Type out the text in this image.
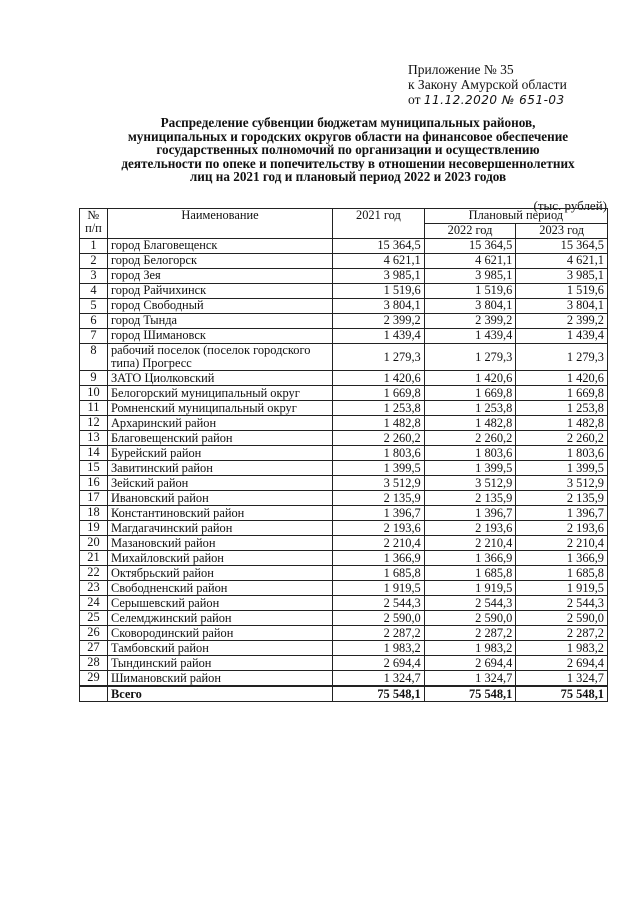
Приложение № 35
к Закону Амурской области
от 11.12.2020 № 651-03
Распределение субвенции бюджетам муниципальных районов,
муниципальных и городских округов области на финансовое обеспечение
государственных полномочий по организации и осуществлению
деятельности по опеке и попечительству в отношении несовершеннолетних
лиц на 2021 год и плановый период 2022 и 2023 годов
(тыс. рублей)
№
п/п	Наименование	2021 год	Плановый период	
			2022 год	2023 год
1	город Благовещенск	15 364,5	15 364,5	15 364,5
2	город Белогорск	4 621,1	4 621,1	4 621,1
3	город Зея	3 985,1	3 985,1	3 985,1
4	город Райчихинск	1 519,6	1 519,6	1 519,6
5	город Свободный	3 804,1	3 804,1	3 804,1
6	город Тында	2 399,2	2 399,2	2 399,2
7	город Шимановск	1 439,4	1 439,4	1 439,4
8	рабочий поселок (поселок городского типа) Прогресс	1 279,3	1 279,3	1 279,3
9	ЗАТО Циолковский	1 420,6	1 420,6	1 420,6
10	Белогорский муниципальный округ	1 669,8	1 669,8	1 669,8
11	Ромненский муниципальный округ	1 253,8	1 253,8	1 253,8
12	Архаринский район	1 482,8	1 482,8	1 482,8
13	Благовещенский район	2 260,2	2 260,2	2 260,2
14	Бурейский район	1 803,6	1 803,6	1 803,6
15	Завитинский район	1 399,5	1 399,5	1 399,5
16	Зейский район	3 512,9	3 512,9	3 512,9
17	Ивановский район	2 135,9	2 135,9	2 135,9
18	Константиновский район	1 396,7	1 396,7	1 396,7
19	Магдагачинский район	2 193,6	2 193,6	2 193,6
20	Мазановский район	2 210,4	2 210,4	2 210,4
21	Михайловский район	1 366,9	1 366,9	1 366,9
22	Октябрьский район	1 685,8	1 685,8	1 685,8
23	Свободненский район	1 919,5	1 919,5	1 919,5
24	Серышевский район	2 544,3	2 544,3	2 544,3
25	Селемджинский район	2 590,0	2 590,0	2 590,0
26	Сковородинский район	2 287,2	2 287,2	2 287,2
27	Тамбовский район	1 983,2	1 983,2	1 983,2
28	Тындинский район	2 694,4	2 694,4	2 694,4
29	Шимановский район	1 324,7	1 324,7	1 324,7
	Всего	75 548,1	75 548,1	75 548,1
